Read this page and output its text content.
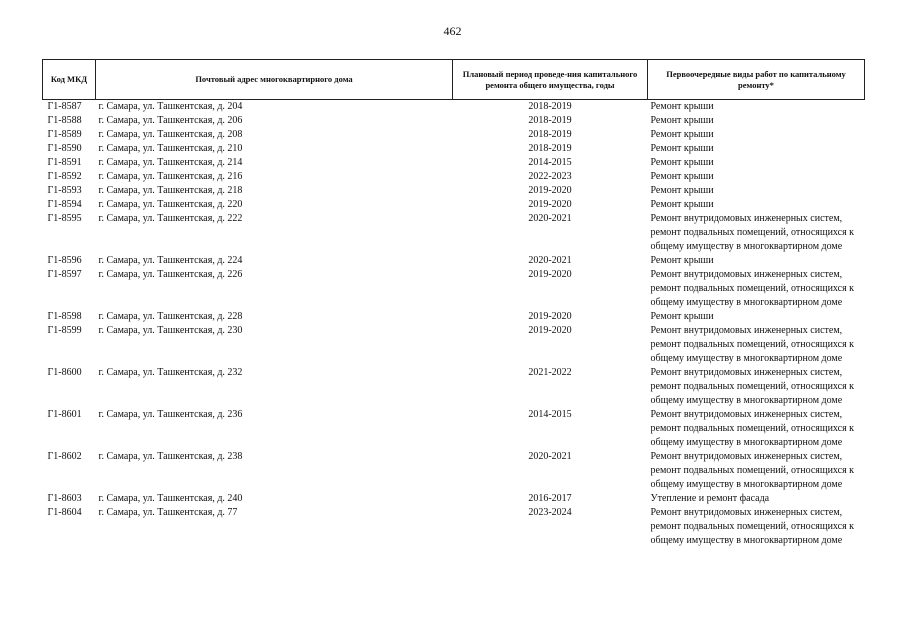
462
Код МКД	Почтовый адрес многоквартирного дома	Плановый период проведе-ния капитального ремонта общего имущества, годы	Первоочередные виды работ по капитальному ремонту*
Г1-8587	г. Самара, ул. Ташкентская, д. 204	2018-2019	Ремонт крыши

Г1-8588	г. Самара, ул. Ташкентская, д. 206	2018-2019	Ремонт крыши

Г1-8589	г. Самара, ул. Ташкентская, д. 208	2018-2019	Ремонт крыши

Г1-8590	г. Самара, ул. Ташкентская, д. 210	2018-2019	Ремонт крыши

Г1-8591	г. Самара, ул. Ташкентская, д. 214	2014-2015	Ремонт крыши

Г1-8592	г. Самара, ул. Ташкентская, д. 216	2022-2023	Ремонт крыши

Г1-8593	г. Самара, ул. Ташкентская, д. 218	2019-2020	Ремонт крыши

Г1-8594	г. Самара, ул. Ташкентская, д. 220	2019-2020	Ремонт крыши

Г1-8595	г. Самара, ул. Ташкентская, д. 222	2020-2021	Ремонт внутридомовых инженерных систем,
ремонт подвальных помещений, относящихся к
общему имуществу в многоквартирном доме

Г1-8596	г. Самара, ул. Ташкентская, д. 224	2020-2021	Ремонт крыши

Г1-8597	г. Самара, ул. Ташкентская, д. 226	2019-2020	Ремонт внутридомовых инженерных систем,
ремонт подвальных помещений, относящихся к
общему имуществу в многоквартирном доме

Г1-8598	г. Самара, ул. Ташкентская, д. 228	2019-2020	Ремонт крыши

Г1-8599	г. Самара, ул. Ташкентская, д. 230	2019-2020	Ремонт внутридомовых инженерных систем,
ремонт подвальных помещений, относящихся к
общему имуществу в многоквартирном доме

Г1-8600	г. Самара, ул. Ташкентская, д. 232	2021-2022	Ремонт внутридомовых инженерных систем,
ремонт подвальных помещений, относящихся к
общему имуществу в многоквартирном доме

Г1-8601	г. Самара, ул. Ташкентская, д. 236	2014-2015	Ремонт внутридомовых инженерных систем,
ремонт подвальных помещений, относящихся к
общему имуществу в многоквартирном доме

Г1-8602	г. Самара, ул. Ташкентская, д. 238	2020-2021	Ремонт внутридомовых инженерных систем,
ремонт подвальных помещений, относящихся к
общему имуществу в многоквартирном доме

Г1-8603	г. Самара, ул. Ташкентская, д. 240	2016-2017	Утепление и ремонт фасада

Г1-8604	г. Самара, ул. Ташкентская, д. 77	2023-2024	Ремонт внутридомовых инженерных систем,
ремонт подвальных помещений, относящихся к
общему имуществу в многоквартирном доме
